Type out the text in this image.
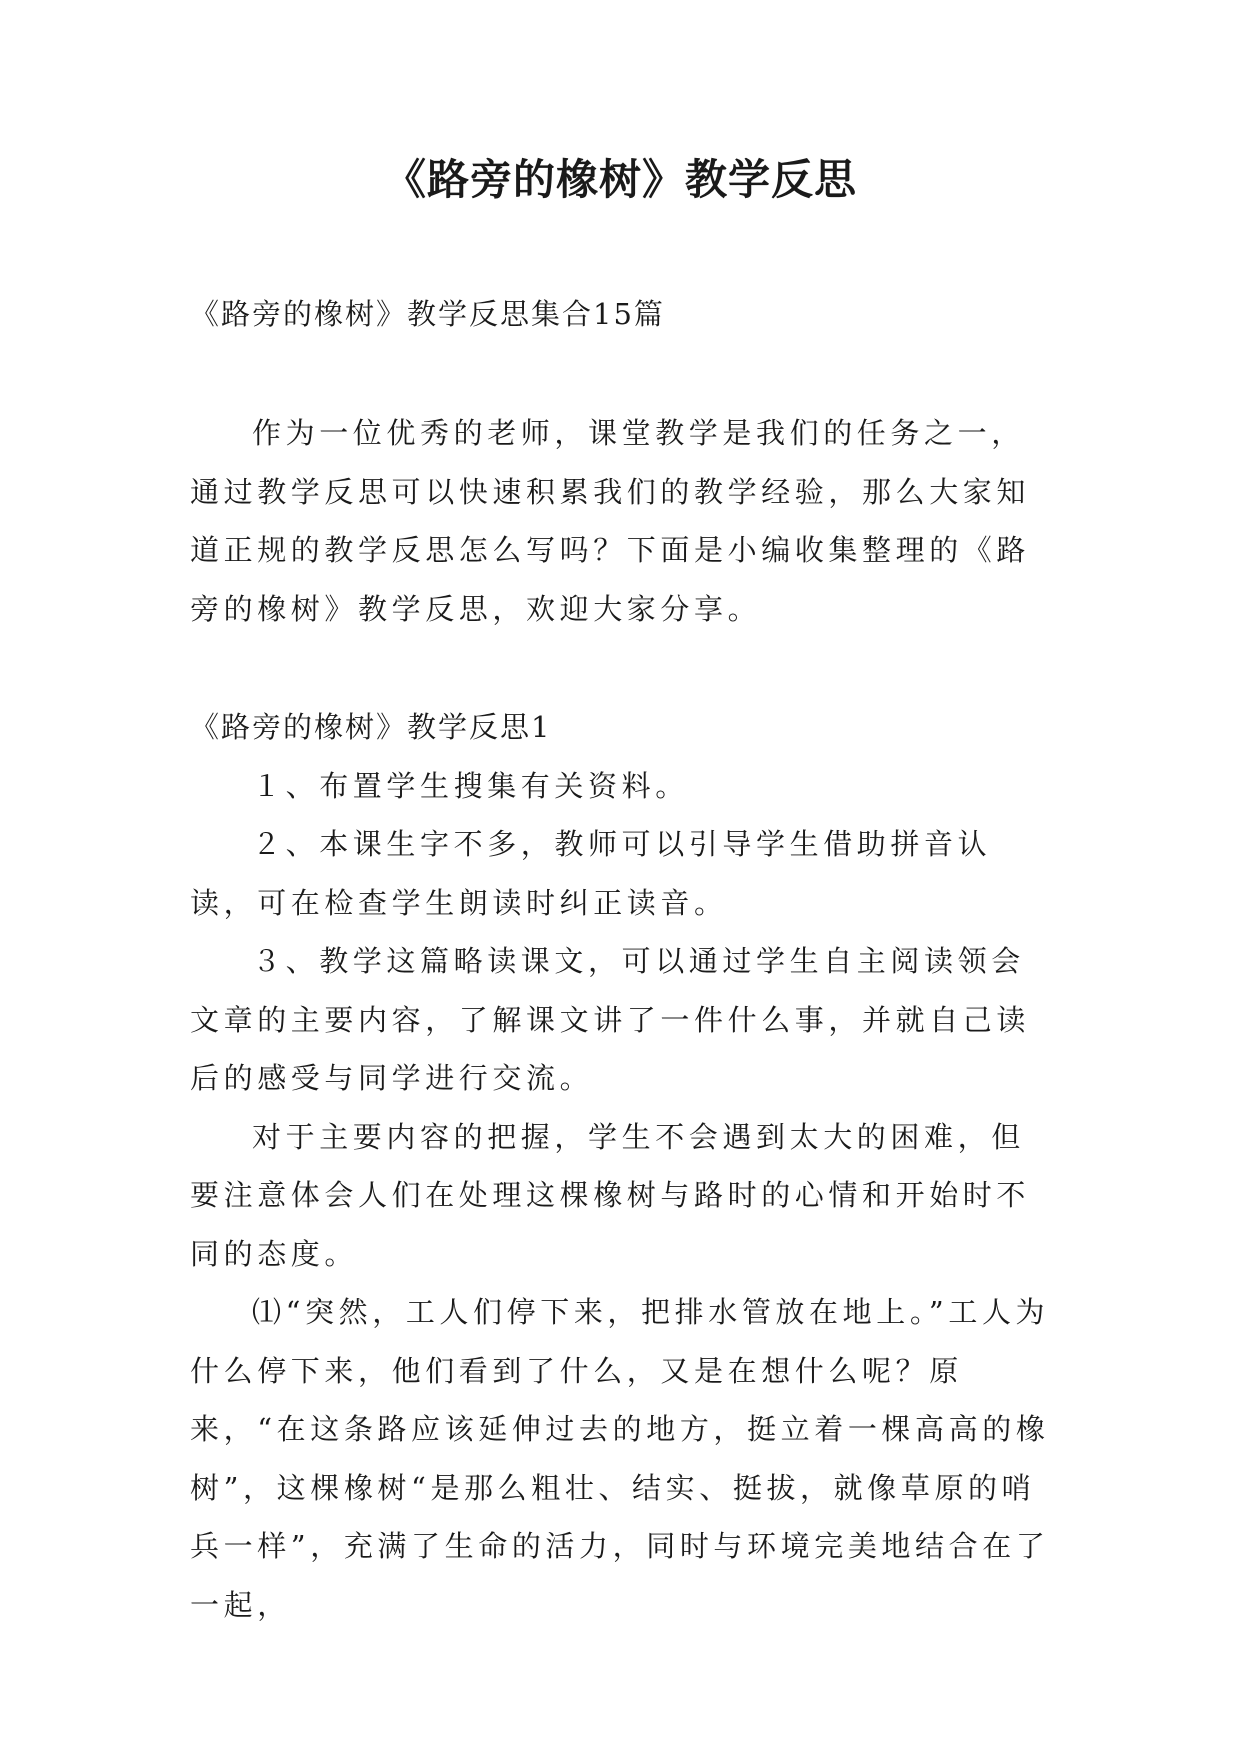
《路旁的橡树》教学反思

《路旁的橡树》教学反思集合15篇

作为一位优秀的老师，课堂教学是我们的任务之一，通过教学反思可以快速积累我们的教学经验，那么大家知道正规的教学反思怎么写吗？下面是小编收集整理的《路旁的橡树》教学反思，欢迎大家分享。

《路旁的橡树》教学反思1

１、布置学生搜集有关资料。

２、本课生字不多，教师可以引导学生借助拼音认读，可在检查学生朗读时纠正读音。

３、教学这篇略读课文，可以通过学生自主阅读领会文章的主要内容，了解课文讲了一件什么事，并就自己读后的感受与同学进行交流。

对于主要内容的把握，学生不会遇到太大的困难，但要注意体会人们在处理这棵橡树与路时的心情和开始时不同的态度。

⑴“突然，工人们停下来，把排水管放在地上。”工人为什么停下来，他们看到了什么，又是在想什么呢？原来，“在这条路应该延伸过去的地方，挺立着一棵高高的橡树”，这棵橡树“是那么粗壮、结实、挺拔，就像草原的哨兵一样”，充满了生命的活力，同时与环境完美地结合在了一起，
